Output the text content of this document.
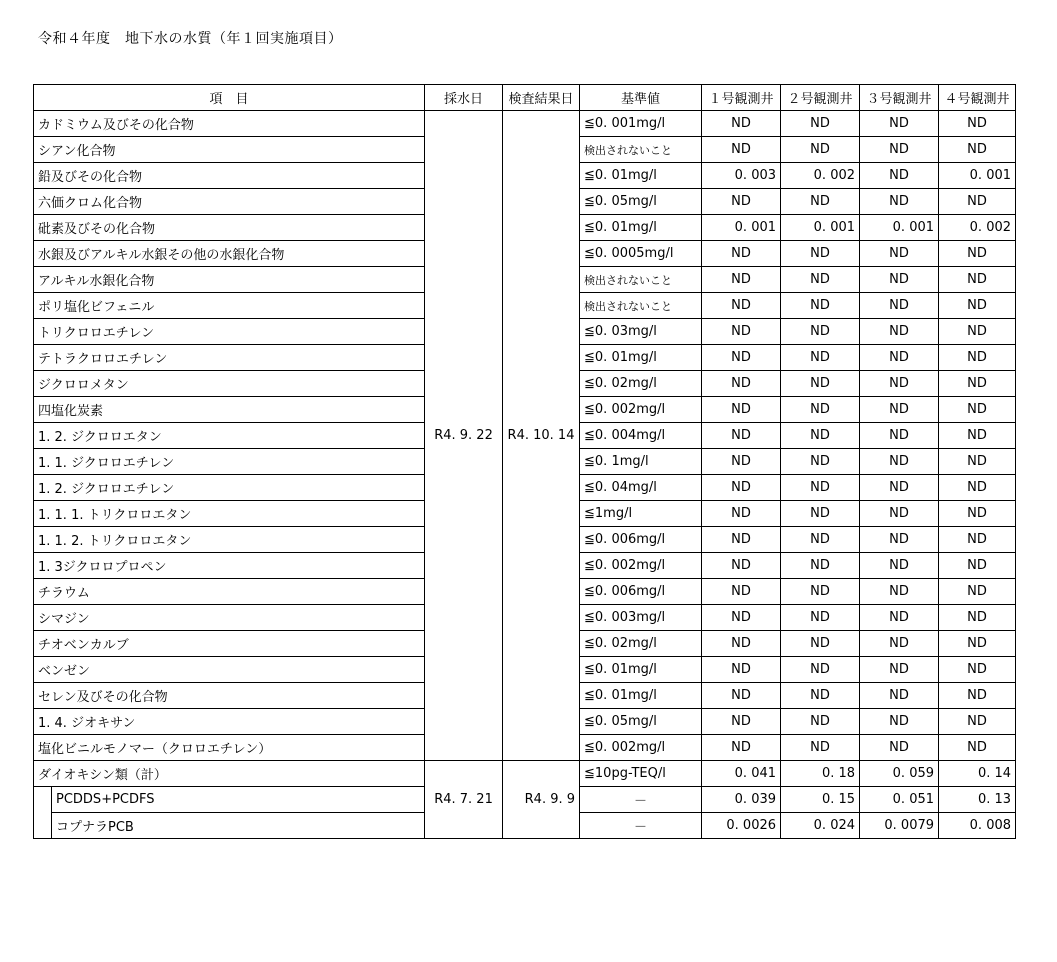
令和４年度　地下水の水質（年１回実施項目）
項　目		採水日	検査結果日	基準値	１号観測井	２号観測井	３号観測井	４号観測井
カドミウム及びその化合物		R4. 9. 22	R4. 10. 14	≦0. 001mg/l	ND	ND	ND	ND
シアン化合物				検出されないこと	ND	ND	ND	ND
鉛及びその化合物				≦0. 01mg/l	0. 003	0. 002	ND	0. 001
六価クロム化合物				≦0. 05mg/l	ND	ND	ND	ND
砒素及びその化合物				≦0. 01mg/l	0. 001	0. 001	0. 001	0. 002
水銀及びアルキル水銀その他の水銀化合物				≦0. 0005mg/l	ND	ND	ND	ND
アルキル水銀化合物				検出されないこと	ND	ND	ND	ND
ポリ塩化ビフェニル				検出されないこと	ND	ND	ND	ND
トリクロロエチレン				≦0. 03mg/l	ND	ND	ND	ND
テトラクロロエチレン				≦0. 01mg/l	ND	ND	ND	ND
ジクロロメタン				≦0. 02mg/l	ND	ND	ND	ND
四塩化炭素				≦0. 002mg/l	ND	ND	ND	ND
1. 2. ジクロロエタン				≦0. 004mg/l	ND	ND	ND	ND
1. 1. ジクロロエチレン				≦0. 1mg/l	ND	ND	ND	ND
1. 2. ジクロロエチレン				≦0. 04mg/l	ND	ND	ND	ND
1. 1. 1. トリクロロエタン				≦1mg/l	ND	ND	ND	ND
1. 1. 2. トリクロロエタン				≦0. 006mg/l	ND	ND	ND	ND
1. 3ジクロロプロペン				≦0. 002mg/l	ND	ND	ND	ND
チラウム				≦0. 006mg/l	ND	ND	ND	ND
シマジン				≦0. 003mg/l	ND	ND	ND	ND
チオベンカルブ				≦0. 02mg/l	ND	ND	ND	ND
ベンゼン				≦0. 01mg/l	ND	ND	ND	ND
セレン及びその化合物				≦0. 01mg/l	ND	ND	ND	ND
1. 4. ジオキサン				≦0. 05mg/l	ND	ND	ND	ND
塩化ビニルモノマー（クロロエチレン）				≦0. 002mg/l	ND	ND	ND	ND
ダイオキシン類（計）		R4. 7. 21	R4. 9. 9	≦10pg-TEQ/l	0. 041	0. 18	0. 059	0. 14
	PCDDS+PCDFS			－	0. 039	0. 15	0. 051	0. 13
	コプナラPCB			－	0. 0026	0. 024	0. 0079	0. 008
